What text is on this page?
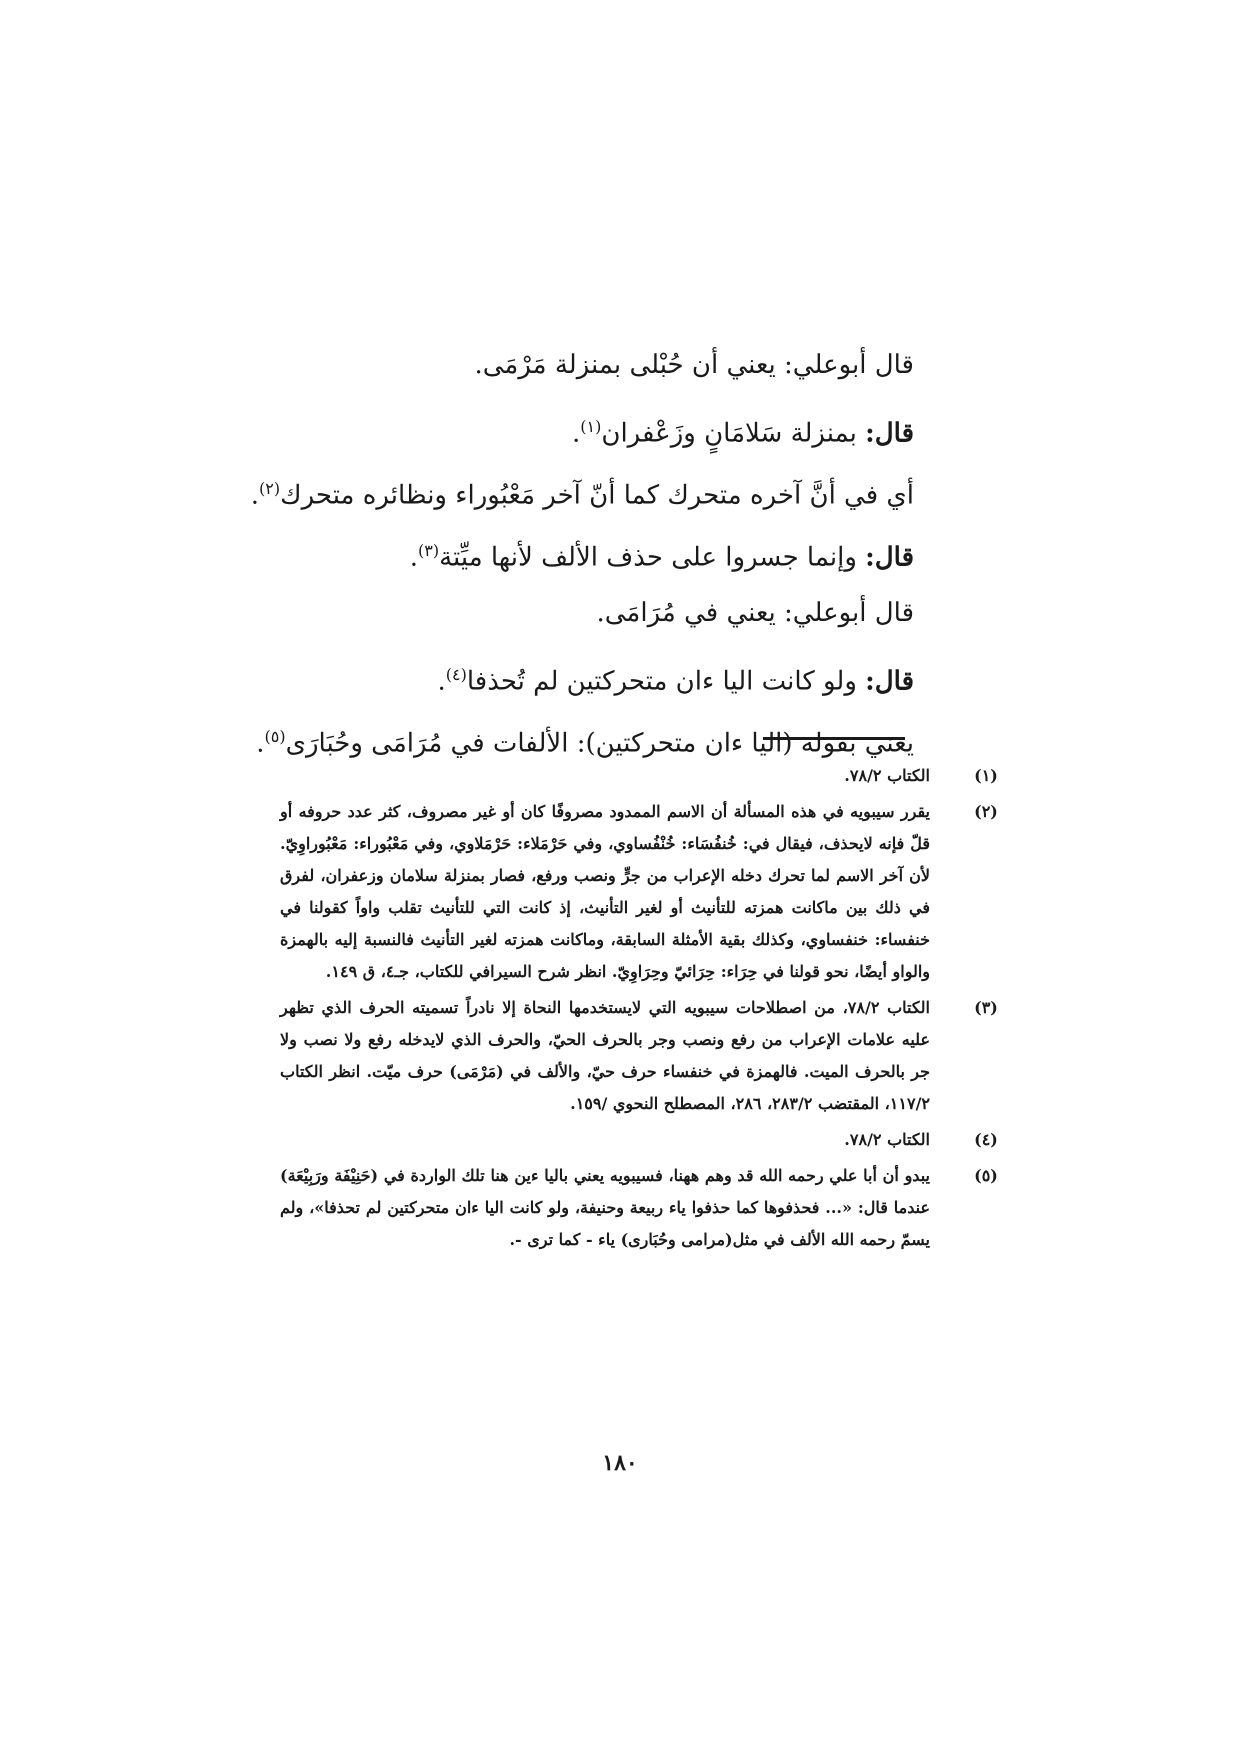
قال أبوعلي: يعني أن حُبْلى بمنزلة مَرْمَى.
قال: بمنزلة سَلامَانٍ وزَعْفران$^{(١)}$.
أي في أنَّ آخره متحرك كما أنّ آخر مَعْبُوراء ونظائره متحرك$^{(٢)}$.
قال: وإنما جسروا على حذف الألف لأنها ميِّتة$^{(٣)}$.
قال أبوعلي: يعني في مُرَامَى.
قال: ولو كانت اليا ءان متحركتين لم تُحذفا$^{(٤)}$.
يعني بقوله (اليا ءان متحركتين): الألفات في مُرَامَى وحُبَارَى$^{(٥)}$.
(١)
الكتاب ٧٨/٢.
(٢)
يقرر سيبويه في هذه المسألة أن الاسم الممدود مصروفًا كان أو غير مصروف، كثر عدد حروفه أو قلّ فإنه لايحذف، فيقال في: خُنفُسَاء: خُنْفُساوي، وفي حَرْمَلاء: حَرْمَلاوي، وفي مَعْبُوراء: مَعْبُوراوِيّ. لأن آخر الاسم لما تحرك دخله الإعراب من جرٍّ ونصب ورفع، فصار بمنزلة سلامان وزعفران، لفرق في ذلك بين ماكانت همزته للتأنيث أو لغير التأنيث، إذ كانت التي للتأنيث تقلب واواً كقولنا في خنفساء: خنفساوي، وكذلك بقية الأمثلة السابقة، وماكانت همزته لغير التأنيث فالنسبة إليه بالهمزة والواو أيضًا، نحو قولنا في حِرَاء: حِرَائيّ وحِرَاوِيّ. انظر شرح السيرافي للكتاب، جـ٤، ق ١٤٩.
(٣)
الكتاب ٧٨/٢، من اصطلاحات سيبويه التي لايستخدمها النحاة إلا نادراً تسميته الحرف الذي تظهر عليه علامات الإعراب من رفع ونصب وجر بالحرف الحيّ، والحرف الذي لايدخله رفع ولا نصب ولا جر بالحرف الميت. فالهمزة في خنفساء حرف حيّ، والألف في (مَرْمَى) حرف ميّت. انظر الكتاب ١١٧/٢، المقتضب ٢٨٣/٢، ٢٨٦، المصطلح النحوي /١٥٩.
(٤)
الكتاب ٧٨/٢.
(٥)
يبدو أن أبا علي رحمه الله قد وهم ههنا، فسيبويه يعني باليا ءين هنا تلك الواردة في (حَنِيْفَة ورَبِيْعَة) عندما قال: «... فحذفوها كما حذفوا ياء ربيعة وحنيفة، ولو كانت اليا ءان متحركتين لم تحذفا»، ولم يسمّ رحمه الله الألف في مثل(مرامى وحُبَارى) ياء - كما ترى -.
١٨٠
